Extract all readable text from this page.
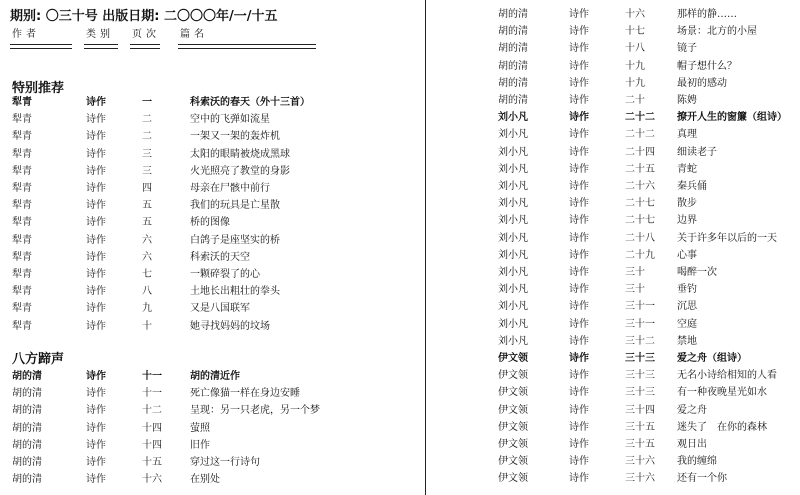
期别: 〇三十号 出版日期: 二〇〇〇年/一/十五
作者	类别 页次 篇名
特别推荐
犁青	诗作	一	科索沃的春天（外十三首）
犁青	诗作	二	空中的飞弹如流星
犁青	诗作	二	一架又一架的轰炸机
犁青	诗作	三	太阳的眼睛被烧成黑球
犁青	诗作	三	火光照亮了教堂的身影
犁青	诗作	四	母亲在尸骸中前行
犁青	诗作	五	我们的玩具是亡星散
犁青	诗作	五	桥的图像
犁青	诗作	六	白鸽子是座坚实的桥
犁青	诗作	六	科索沃的天空
犁青	诗作	七	一颗碎裂了的心
犁青	诗作	八	土地长出粗壮的拳头
犁青	诗作	九	又是八国联军
犁青	诗作	十	她寻找妈妈的坟场
八方蹄声
胡的清	诗作	十一	胡的清近作
胡的清	诗作	十一	死亡像猫一样在身边安睡
胡的清	诗作	十二	呈现：另一只老虎，另一个梦
胡的清	诗作	十四	萤照
胡的清	诗作	十四	旧作
胡的清	诗作	十五	穿过这一行诗句
胡的清	诗作	十六	在别处
胡的清	诗作	十六	那样的静……
胡的清	诗作	十七	场景：北方的小屋
胡的清	诗作	十八	镜子
胡的清	诗作	十九	帽子想什么？
胡的清	诗作	十九	最初的感动
胡的清	诗作	二十	陈娉
刘小凡	诗作	二十二 撩开人生的窗簾（组诗）
刘小凡	诗作	二十二 真理
刘小凡	诗作	二十四 细读老子
刘小凡	诗作	二十五 青蛇
刘小凡	诗作	二十六 秦兵俑
刘小凡	诗作	二十七 散步
刘小凡	诗作	二十七 边界
刘小凡	诗作	二十八 关于许多年以后的一天
刘小凡	诗作	二十九 心事
刘小凡	诗作	三十	喝醉一次
刘小凡	诗作	三十	垂钓
刘小凡	诗作	三十一 沉思
刘小凡	诗作	三十一 空庭
刘小凡	诗作	三十二 禁地
伊文领	诗作	三十三 爱之舟（组诗）
伊文领	诗作	三十三 无名小诗给相知的人看
伊文领	诗作	三十三 有一种夜晚星光如水
伊文领	诗作	三十四 爱之舟
伊文领	诗作	三十五 迷失了　在你的森林
伊文领	诗作	三十五 观日出
伊文领	诗作	三十六 我的缠绵
伊文领	诗作	三十六 还有一个你
